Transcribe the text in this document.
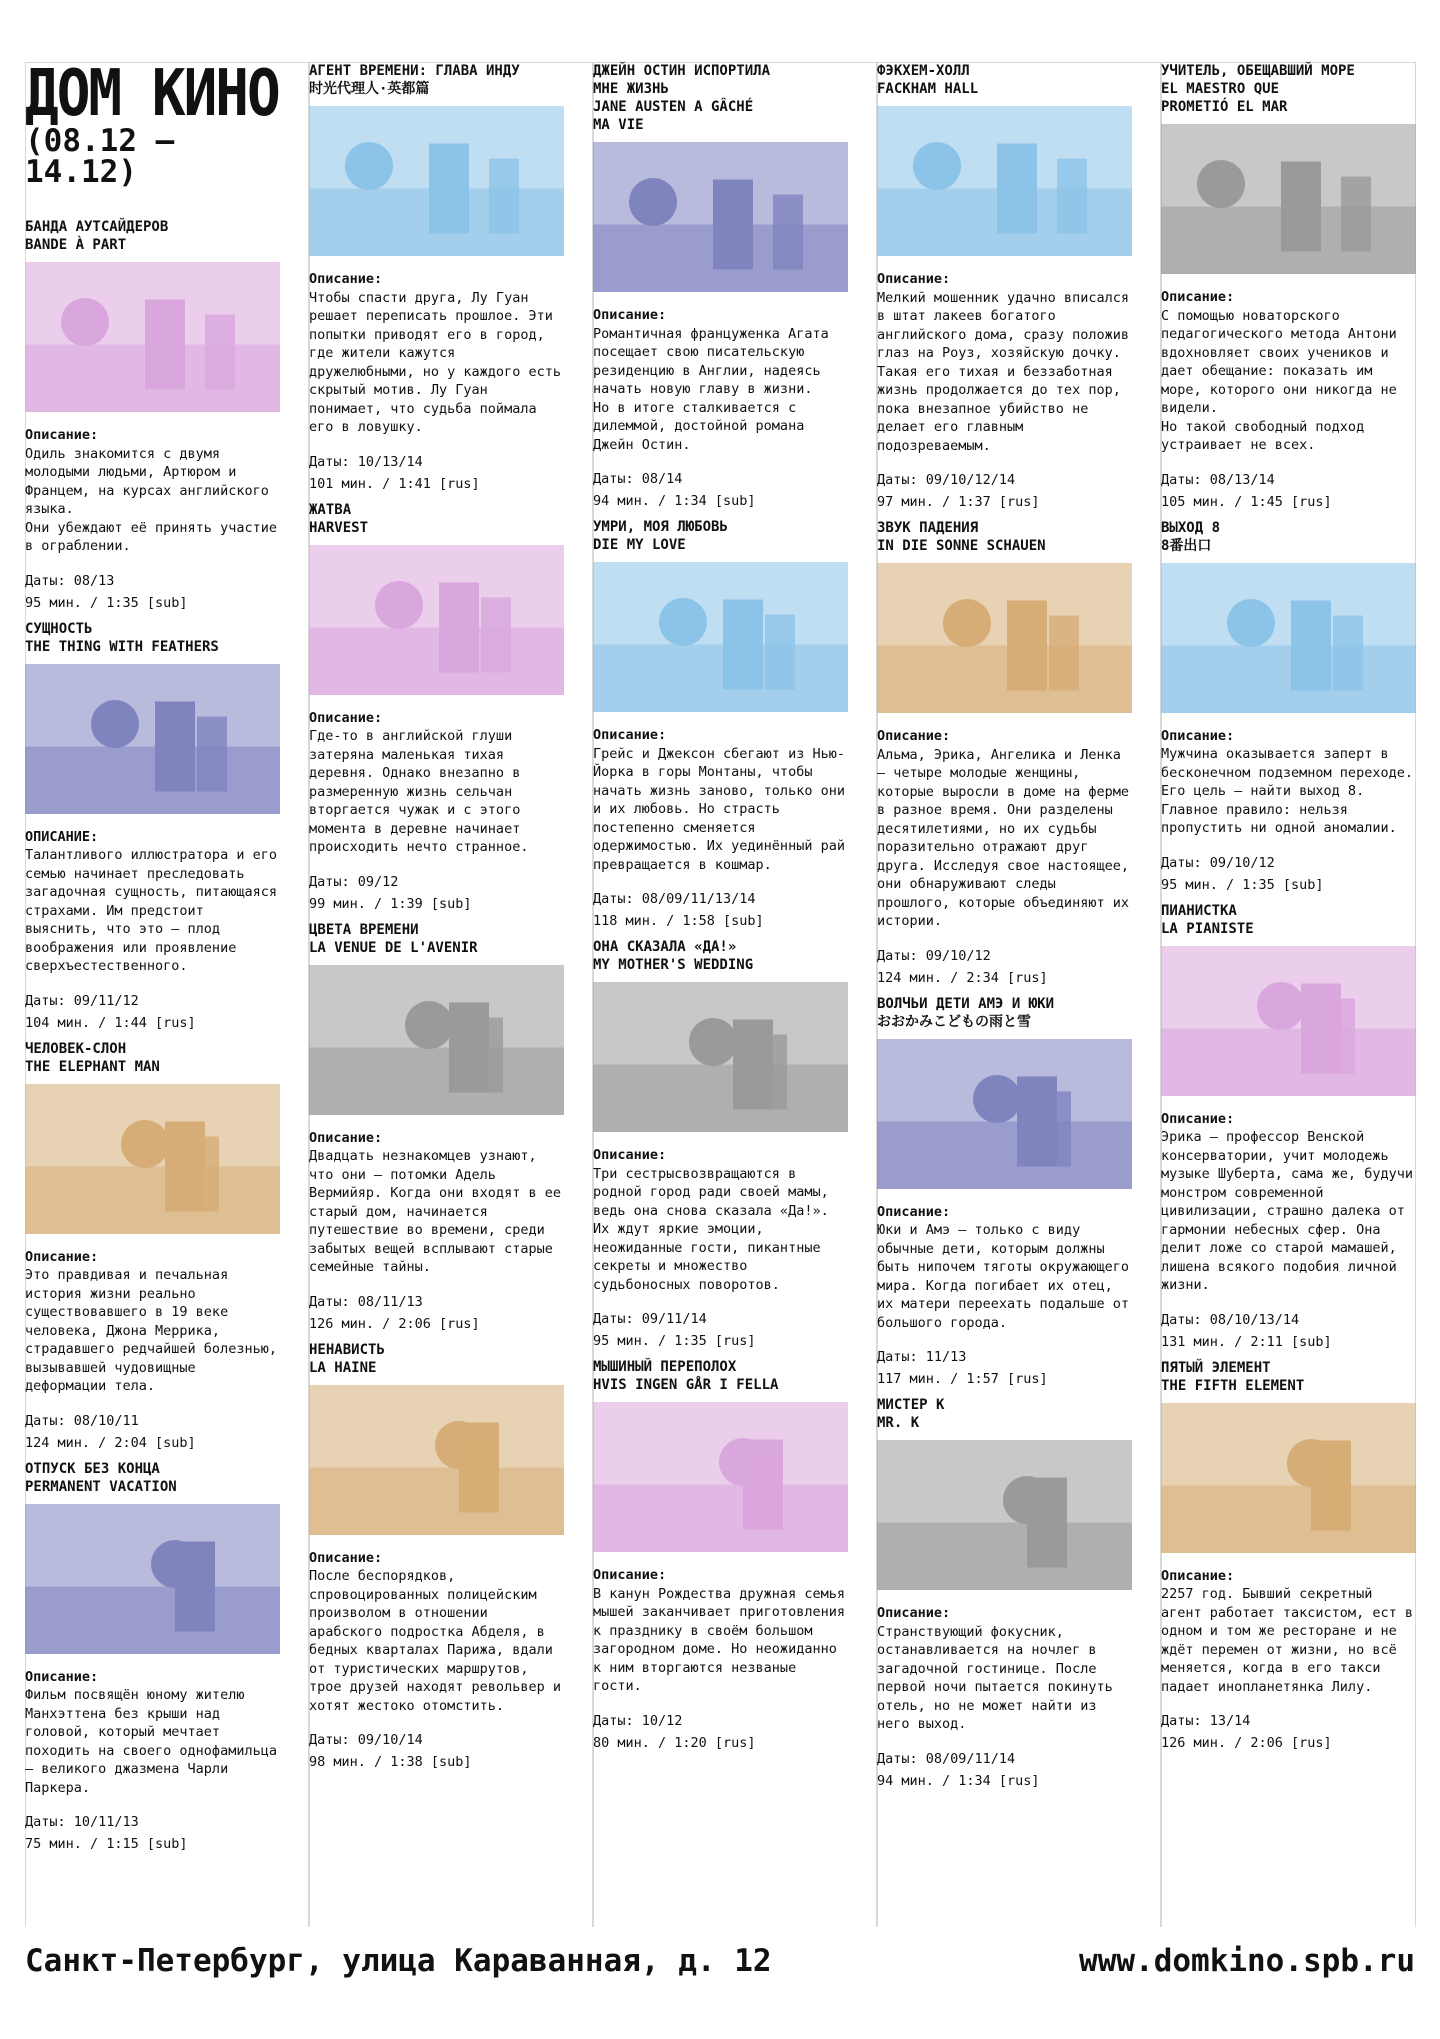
ДОМ КИНО
(08.12 — 14.12)
БАНДА АУТСАЙДЕРОВ
BANDE À PART
Описание:
Одиль знакомится с двумя молодыми людьми, Артюром и Францем, на курсах английского языка.
Они убеждают её принять участие в ограблении.
Даты: 08/13
95 мин. / 1:35 [sub]
СУЩНОСТЬ
THE THING WITH FEATHERS
ОПИСАНИЕ:
Талантливого иллюстратора и его семью начинает преследовать загадочная сущность, питающаяся страхами. Им предстоит выяснить, что это — плод воображения или проявление сверхъестественного.
Даты: 09/11/12
104 мин. / 1:44 [rus]
ЧЕЛОВЕК-СЛОН
THE ELEPHANT MAN
Описание:
Это правдивая и печальная история жизни реально существовавшего в 19 веке человека, Джона Меррика, страдавшего редчайшей болезнью, вызывавшей чудовищные деформации тела.
Даты: 08/10/11
124 мин. / 2:04 [sub]
ОТПУСК БЕЗ КОНЦА
PERMANENT VACATION
Описание:
Фильм посвящён юному жителю Манхэттена без крыши над головой, который мечтает походить на своего однофамильца — великого джазмена Чарли Паркера.
Даты: 10/11/13
75 мин. / 1:15 [sub]
АГЕНТ ВРЕМЕНИ: ГЛАВА ИНДУ
时光代理人·英都篇
Описание:
Чтобы спасти друга, Лу Гуан решает переписать прошлое. Эти попытки приводят его в город, где жители кажутся дружелюбными, но у каждого есть скрытый мотив. Лу Гуан понимает, что судьба поймала его в ловушку.
Даты: 10/13/14
101 мин. / 1:41 [rus]
ЖАТВА
HARVEST
Описание:
Где-то в английской глуши затеряна маленькая тихая деревня. Однако внезапно в размеренную жизнь сельчан вторгается чужак и с этого момента в деревне начинает происходить нечто странное.
Даты: 09/12
99 мин. / 1:39 [sub]
ЦВЕТА ВРЕМЕНИ
LA VENUE DE L'AVENIR
Описание:
Двадцать незнакомцев узнают, что они — потомки Адель Вермийяр. Когда они входят в ее старый дом, начинается путешествие во времени, среди забытых вещей всплывают старые семейные тайны.
Даты: 08/11/13
126 мин. / 2:06 [rus]
НЕНАВИСТЬ
LA HAINE
Описание:
После беспорядков, спровоцированных полицейским произволом в отношении арабского подростка Абделя, в бедных кварталах Парижа, вдали от туристических маршрутов, трое друзей находят револьвер и хотят жестоко отомстить.
Даты: 09/10/14
98 мин. / 1:38 [sub]
ДЖЕЙН ОСТИН ИСПОРТИЛА
МНЕ ЖИЗНЬ
JANE AUSTEN A GÂCHÉ
MA VIE
Описание:
Романтичная француженка Агата посещает свою писательскую резиденцию в Англии, надеясь начать новую главу в жизни.
Но в итоге сталкивается с дилеммой, достойной романа Джейн Остин.
Даты: 08/14
94 мин. / 1:34 [sub]
УМРИ, МОЯ ЛЮБОВЬ
DIE MY LOVE
Описание:
Грейс и Джексон сбегают из Нью-Йорка в горы Монтаны, чтобы начать жизнь заново, только они и их любовь. Но страсть постепенно сменяется одержимостью. Их уединённый рай превращается в кошмар.
Даты: 08/09/11/13/14
118 мин. / 1:58 [sub]
ОНА СКАЗАЛА «ДА!»
MY MOTHER'S WEDDING
Описание:
Три сестрысвозвращаются в родной город ради своей мамы, ведь она снова сказала «Да!». Их ждут яркие эмоции, неожиданные гости, пикантные секреты и множество судьбоносных поворотов.
Даты: 09/11/14
95 мин. / 1:35 [rus]
МЫШИНЫЙ ПЕРЕПОЛОХ
HVIS INGEN GÅR I FELLA
Описание:
В канун Рождества дружная семья мышей заканчивает приготовления к празднику в своём большом загородном доме. Но неожиданно к ним вторгаются незваные гости.
Даты: 10/12
80 мин. / 1:20 [rus]
ФЭКХЕМ-ХОЛЛ
FACKHAM HALL
Описание:
Мелкий мошенник удачно вписался в штат лакеев богатого английского дома, сразу положив глаз на Роуз, хозяйскую дочку. Такая его тихая и беззаботная жизнь продолжается до тех пор, пока внезапное убийство не делает его главным подозреваемым.
Даты: 09/10/12/14
97 мин. / 1:37 [rus]
ЗВУК ПАДЕНИЯ
IN DIE SONNE SCHAUEN
Описание:
Альма, Эрика, Ангелика и Ленка — четыре молодые женщины, которые выросли в доме на ферме в разное время. Они разделены десятилетиями, но их судьбы поразительно отражают друг друга. Исследуя свое настоящее, они обнаруживают следы прошлого, которые объединяют их истории.
Даты: 09/10/12
124 мин. / 2:34 [rus]
ВОЛЧЬИ ДЕТИ АМЭ И ЮКИ
おおかみこどもの雨と雪
Описание:
Юки и Амэ — только с виду обычные дети, которым должны быть нипочем тяготы окружающего мира. Когда погибает их отец, их матери переехать подальше от большого города.
Даты: 11/13
117 мин. / 1:57 [rus]
МИСТЕР К
MR. K
Описание:
Странствующий фокусник, останавливается на ночлег в загадочной гостинице. После первой ночи пытается покинуть отель, но не может найти из него выход.
Даты: 08/09/11/14
94 мин. / 1:34 [rus]
УЧИТЕЛЬ, ОБЕЩАВШИЙ МОРЕ
EL MAESTRO QUE
PROMETIÓ EL MAR
Описание:
С помощью новаторского педагогического метода Антони вдохновляет своих учеников и дает обещание: показать им море, которого они никогда не видели.
Но такой свободный подход устраивает не всех.
Даты: 08/13/14
105 мин. / 1:45 [rus]
ВЫХОД 8
8番出口
Описание:
Мужчина оказывается заперт в бесконечном подземном переходе. Его цель — найти выход 8. Главное правило: нельзя пропустить ни одной аномалии.
Даты: 09/10/12
95 мин. / 1:35 [sub]
ПИАНИСТКА
LA PIANISTE
Описание:
Эрика — профессор Венской консерватории, учит молодежь музыке Шуберта, сама же, будучи монстром современной цивилизации, страшно далека от гармонии небесных сфер. Она делит ложе со старой мамашей, лишена всякого подобия личной жизни.
Даты: 08/10/13/14
131 мин. / 2:11 [sub]
ПЯТЫЙ ЭЛЕМЕНТ
THE FIFTH ELEMENT
Описание:
2257 год. Бывший секретный агент работает таксистом, ест в одном и том же ресторане и не ждёт перемен от жизни, но всё меняется, когда в его такси падает инопланетянка Лилу.
Даты: 13/14
126 мин. / 2:06 [rus]
Санкт-Петербург, улица Караванная, д. 12	www.domkino.spb.ru
